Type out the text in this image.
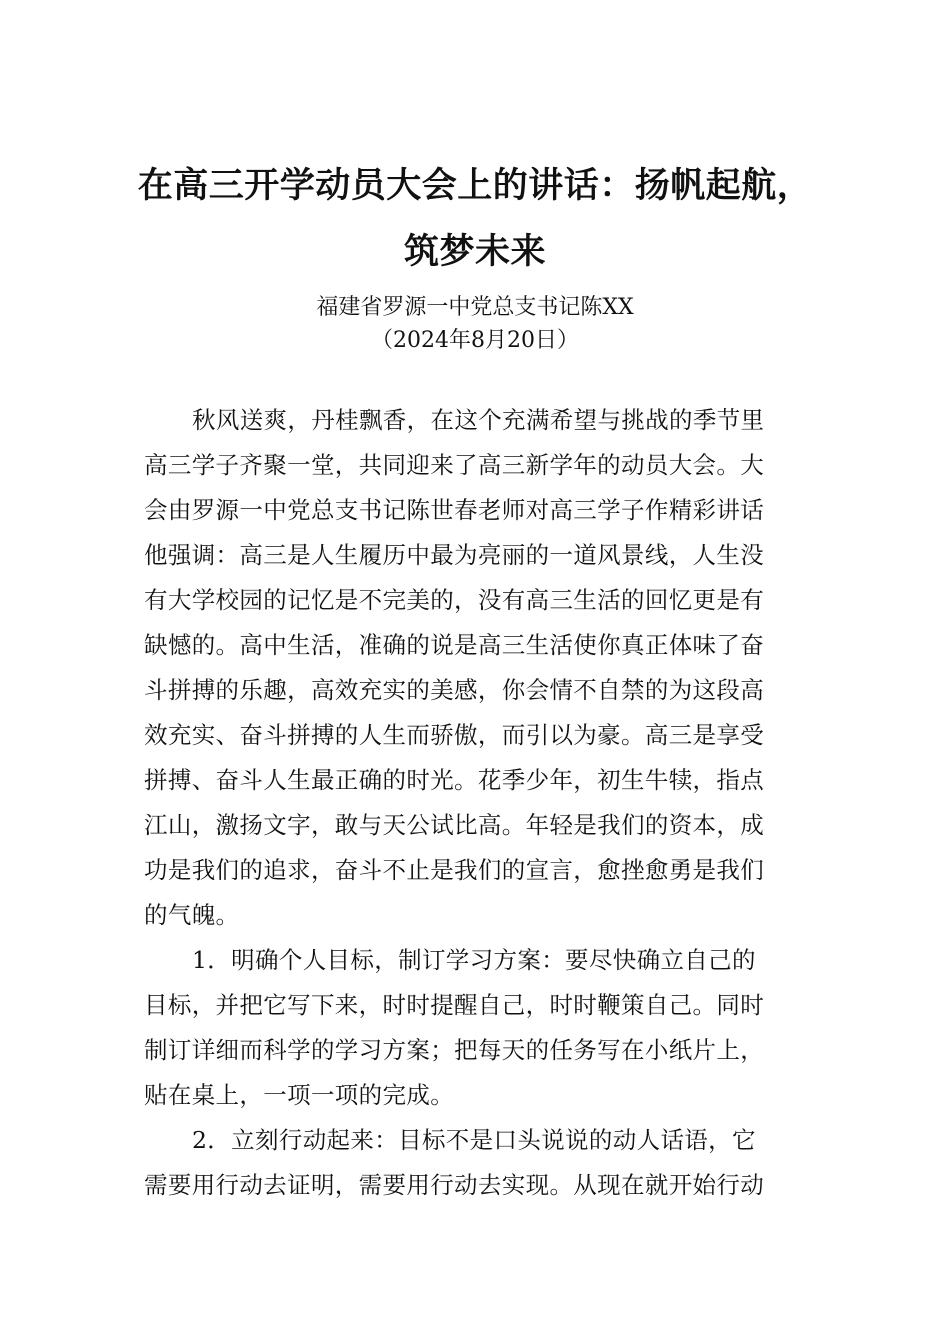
在高三开学动员大会上的讲话：扬帆起航，
筑梦未来
福建省罗源一中党总支书记陈XX
（2024年8月20日）
秋风送爽，丹桂飘香，在这个充满希望与挑战的季节里
高三学子齐聚一堂，共同迎来了高三新学年的动员大会。大
会由罗源一中党总支书记陈世春老师对高三学子作精彩讲话
他强调：高三是人生履历中最为亮丽的一道风景线，人生没
有大学校园的记忆是不完美的，没有高三生活的回忆更是有
缺憾的。高中生活，准确的说是高三生活使你真正体味了奋
斗拼搏的乐趣，高效充实的美感，你会情不自禁的为这段高
效充实、奋斗拼搏的人生而骄傲，而引以为豪。高三是享受
拼搏、奋斗人生最正确的时光。花季少年，初生牛犊，指点
江山，激扬文字，敢与天公试比高。年轻是我们的资本，成
功是我们的追求，奋斗不止是我们的宣言，愈挫愈勇是我们
的气魄。
1．明确个人目标，制订学习方案：要尽快确立自己的
目标，并把它写下来，时时提醒自己，时时鞭策自己。同时
制订详细而科学的学习方案；把每天的任务写在小纸片上，
贴在桌上，一项一项的完成。
2．立刻行动起来：目标不是口头说说的动人话语，它
需要用行动去证明，需要用行动去实现。从现在就开始行动
